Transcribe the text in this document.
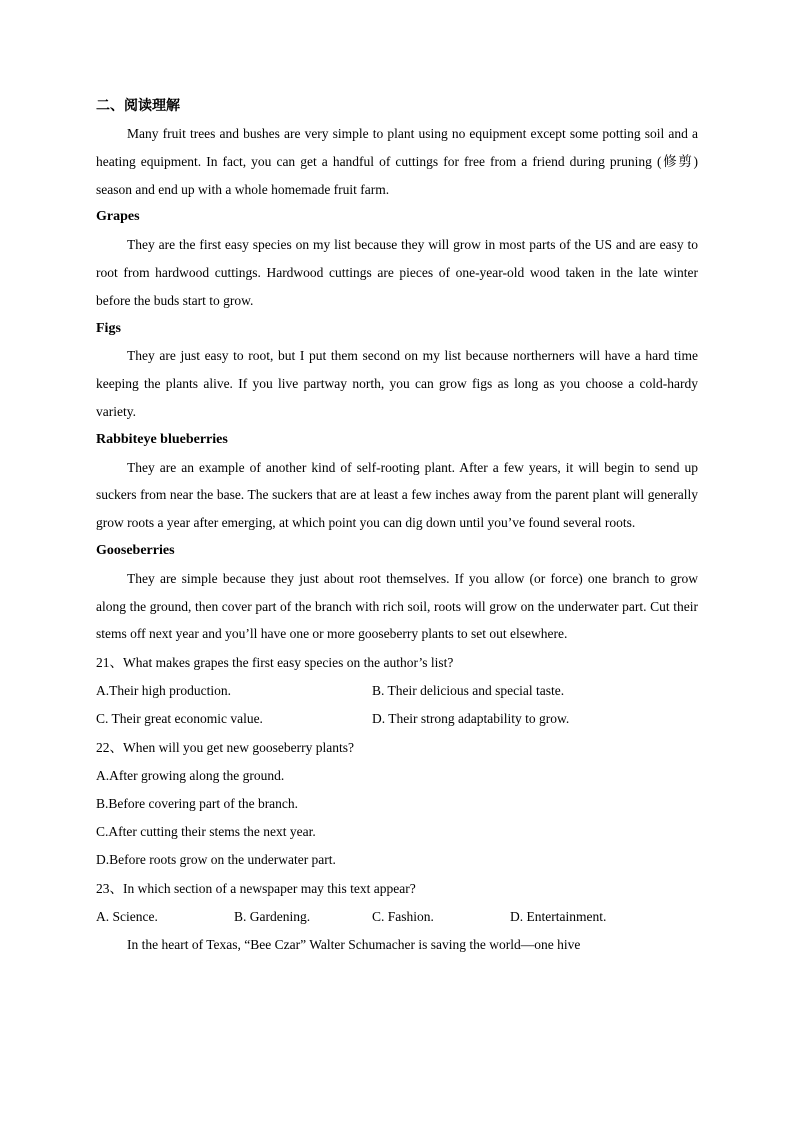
二、阅读理解

Many fruit trees and bushes are very simple to plant using no equipment except some potting soil and a heating equipment. In fact, you can get a handful of cuttings for free from a friend during pruning (修剪) season and end up with a whole homemade fruit farm.

Grapes

They are the first easy species on my list because they will grow in most parts of the US and are easy to root from hardwood cuttings. Hardwood cuttings are pieces of one-year-old wood taken in the late winter before the buds start to grow.

Figs

They are just easy to root, but I put them second on my list because northerners will have a hard time keeping the plants alive. If you live partway north, you can grow figs as long as you choose a cold-hardy variety.

Rabbiteye blueberries

They are an example of another kind of self-rooting plant. After a few years, it will begin to send up suckers from near the base. The suckers that are at least a few inches away from the parent plant will generally grow roots a year after emerging, at which point you can dig down until you’ve found several roots.

Gooseberries

They are simple because they just about root themselves. If you allow (or force) one branch to grow along the ground, then cover part of the branch with rich soil, roots will grow on the underwater part. Cut their stems off next year and you’ll have one or more gooseberry plants to set out elsewhere.

21、What makes grapes the first easy species on the author’s list?

A.Their high production.	B. Their delicious and special taste.
C. Their great economic value.	D. Their strong adaptability to grow.

22、When will you get new gooseberry plants?

A.After growing along the ground.

B.Before covering part of the branch.

C.After cutting their stems the next year.

D.Before roots grow on the underwater part.

23、In which section of a newspaper may this text appear?

A. Science.	B. Gardening.	C. Fashion.	D. Entertainment.

In the heart of Texas, “Bee Czar” Walter Schumacher is saving the world—one hive
